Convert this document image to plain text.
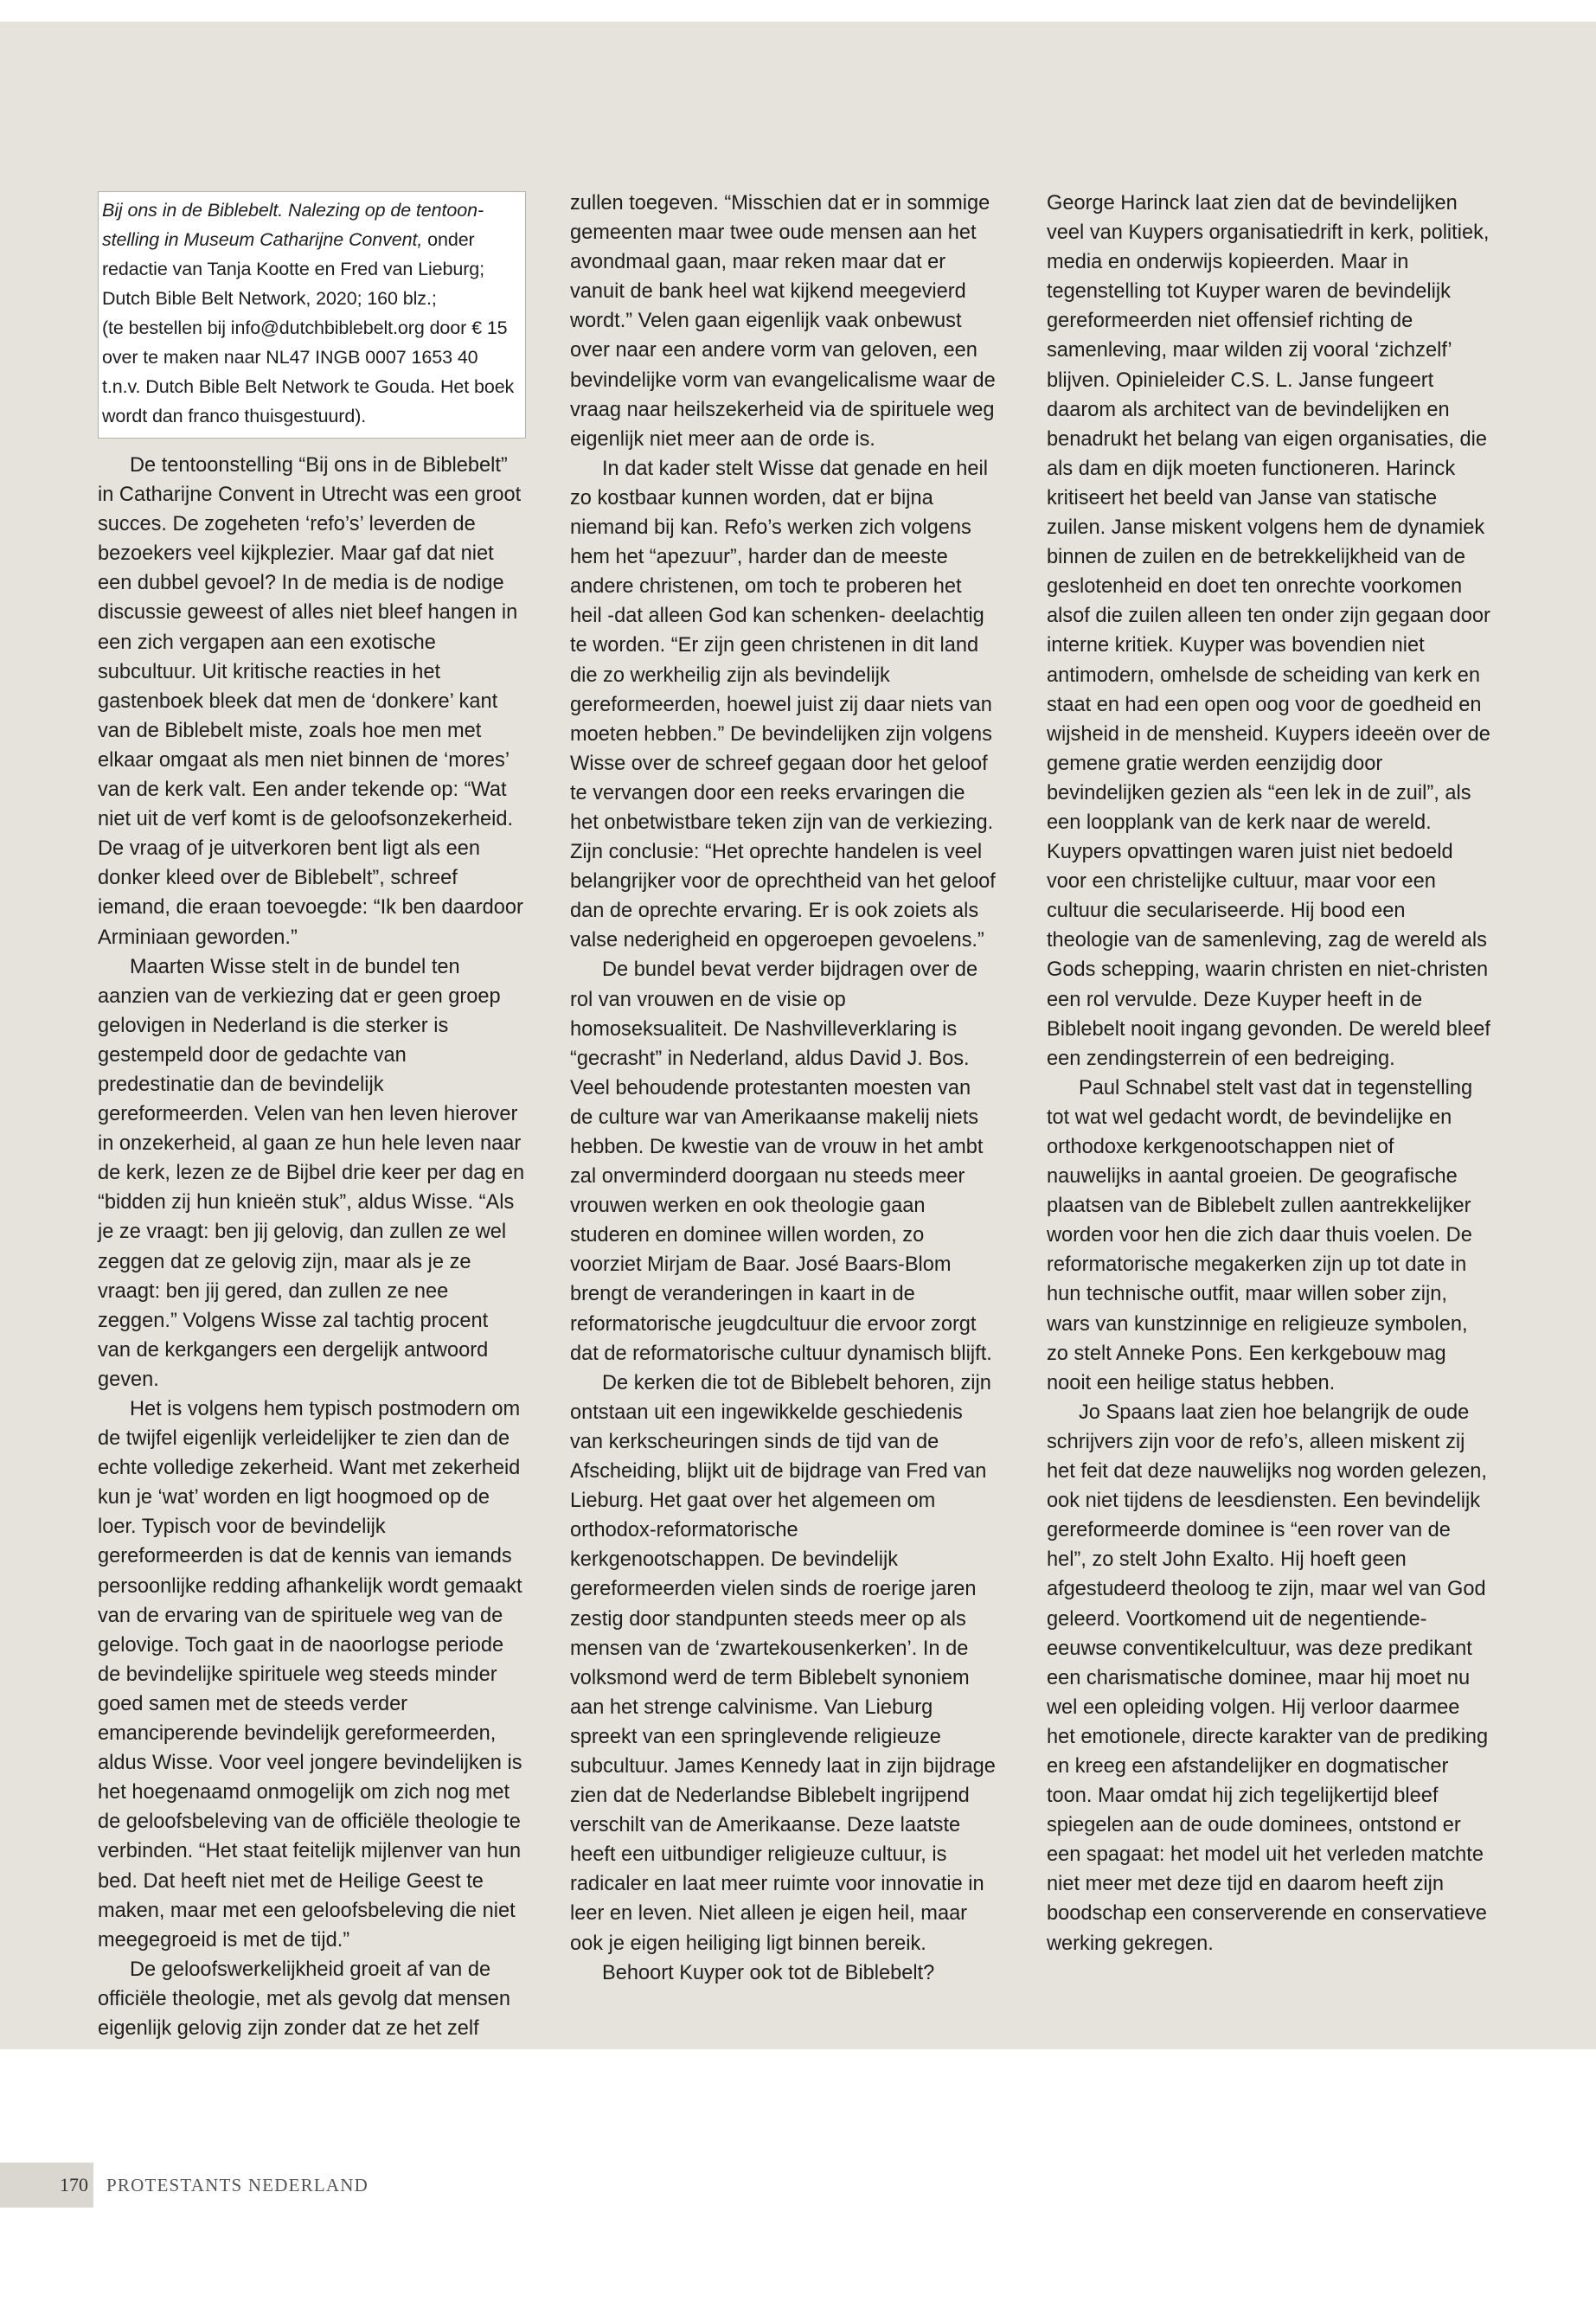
Bij ons in de Biblebelt. Nalezing op de tentoon-stelling in Museum Catharijne Convent, onder redactie van Tanja Kootte en Fred van Lieburg; Dutch Bible Belt Network, 2020; 160 blz.;

(te bestellen bij info@dutchbiblebelt.org door € 15 over te maken naar NL47 INGB 0007 1653 40 t.n.v. Dutch Bible Belt Network te Gouda. Het boek wordt dan franco thuisgestuurd).

De tentoonstelling “Bij ons in de Biblebelt” in Catharijne Convent in Utrecht was een groot succes. De zogeheten ‘refo’s’ leverden de bezoekers veel kijkplezier. Maar gaf dat niet een dubbel gevoel? In de media is de nodige discussie geweest of alles niet bleef hangen in een zich vergapen aan een exotische subcultuur. Uit kritische reacties in het gastenboek bleek dat men de ‘donkere’ kant van de Biblebelt miste, zoals hoe men met elkaar omgaat als men niet binnen de ‘mores’ van de kerk valt. Een ander tekende op: “Wat niet uit de verf komt is de geloofsonzekerheid. De vraag of je uitverkoren bent ligt als een donker kleed over de Biblebelt”, schreef iemand, die eraan toevoegde: “Ik ben daardoor Arminiaan geworden.”

Maarten Wisse stelt in de bundel ten aanzien van de verkiezing dat er geen groep gelovigen in Nederland is die sterker is gestempeld door de gedachte van predestinatie dan de bevindelijk gereformeerden. Velen van hen leven hierover in onzekerheid, al gaan ze hun hele leven naar de kerk, lezen ze de Bijbel drie keer per dag en “bidden zij hun knieën stuk”, aldus Wisse. “Als je ze vraagt: ben jij gelovig, dan zullen ze wel zeggen dat ze gelovig zijn, maar als je ze vraagt: ben jij gered, dan zullen ze nee zeggen.” Volgens Wisse zal tachtig procent van de kerkgangers een dergelijk antwoord geven.

Het is volgens hem typisch postmodern om de twijfel eigenlijk verleidelijker te zien dan de echte volledige zekerheid. Want met zekerheid kun je ‘wat’ worden en ligt hoogmoed op de loer. Typisch voor de bevindelijk gereformeerden is dat de kennis van iemands persoonlijke redding afhankelijk wordt gemaakt van de ervaring van de spirituele weg van de gelovige. Toch gaat in de naoorlogse periode de bevindelijke spirituele weg steeds minder goed samen met de steeds verder emanciperende bevindelijk gereformeerden, aldus Wisse. Voor veel jongere bevindelijken is het hoegenaamd onmogelijk om zich nog met de geloofsbeleving van de officiële theologie te verbinden. “Het staat feitelijk mijlenver van hun bed. Dat heeft niet met de Heilige Geest te maken, maar met een geloofsbeleving die niet meegegroeid is met de tijd.”

De geloofswerkelijkheid groeit af van de officiële theologie, met als gevolg dat mensen eigenlijk gelovig zijn zonder dat ze het zelf

zullen toegeven. “Misschien dat er in sommige gemeenten maar twee oude mensen aan het avondmaal gaan, maar reken maar dat er vanuit de bank heel wat kijkend meegevierd wordt.” Velen gaan eigenlijk vaak onbewust over naar een andere vorm van geloven, een bevindelijke vorm van evangelicalisme waar de vraag naar heilszekerheid via de spirituele weg eigenlijk niet meer aan de orde is.

In dat kader stelt Wisse dat genade en heil zo kostbaar kunnen worden, dat er bijna niemand bij kan. Refo’s werken zich volgens hem het “apezuur”, harder dan de meeste andere christenen, om toch te proberen het heil -dat alleen God kan schenken- deelachtig te worden. “Er zijn geen christenen in dit land die zo werkheilig zijn als bevindelijk gereformeerden, hoewel juist zij daar niets van moeten hebben.” De bevindelijken zijn volgens Wisse over de schreef gegaan door het geloof te vervangen door een reeks ervaringen die het onbetwistbare teken zijn van de verkiezing. Zijn conclusie: “Het oprechte handelen is veel belangrijker voor de oprechtheid van het geloof dan de oprechte ervaring. Er is ook zoiets als valse nederigheid en opgeroepen gevoelens.”

De bundel bevat verder bijdragen over de rol van vrouwen en de visie op homoseksualiteit. De Nashvilleverklaring is “gecrasht” in Nederland, aldus David J. Bos. Veel behoudende protestanten moesten van de culture war van Amerikaanse makelij niets hebben. De kwestie van de vrouw in het ambt zal onverminderd doorgaan nu steeds meer vrouwen werken en ook theologie gaan studeren en dominee willen worden, zo voorziet Mirjam de Baar. José Baars-Blom brengt de veranderingen in kaart in de reformatorische jeugdcultuur die ervoor zorgt dat de reformatorische cultuur dynamisch blijft.

De kerken die tot de Biblebelt behoren, zijn ontstaan uit een ingewikkelde geschiedenis van kerkscheuringen sinds de tijd van de Afscheiding, blijkt uit de bijdrage van Fred van Lieburg. Het gaat over het algemeen om orthodox-reformatorische kerkgenootschappen. De bevindelijk gereformeerden vielen sinds de roerige jaren zestig door standpunten steeds meer op als mensen van de ‘zwartekousenkerken’. In de volksmond werd de term Biblebelt synoniem aan het strenge calvinisme. Van Lieburg spreekt van een springlevende religieuze subcultuur. James Kennedy laat in zijn bijdrage zien dat de Nederlandse Biblebelt ingrijpend verschilt van de Amerikaanse. Deze laatste heeft een uitbundiger religieuze cultuur, is radicaler en laat meer ruimte voor innovatie in leer en leven. Niet alleen je eigen heil, maar ook je eigen heiliging ligt binnen bereik.

Behoort Kuyper ook tot de Biblebelt?

George Harinck laat zien dat de bevindelijken veel van Kuypers organisatiedrift in kerk, politiek, media en onderwijs kopieerden. Maar in tegenstelling tot Kuyper waren de bevindelijk gereformeerden niet offensief richting de samenleving, maar wilden zij vooral ‘zichzelf’ blijven. Opinieleider C.S. L. Janse fungeert daarom als architect van de bevindelijken en benadrukt het belang van eigen organisaties, die als dam en dijk moeten functioneren. Harinck kritiseert het beeld van Janse van statische zuilen. Janse miskent volgens hem de dynamiek binnen de zuilen en de betrekkelijkheid van de geslotenheid en doet ten onrechte voorkomen alsof die zuilen alleen ten onder zijn gegaan door interne kritiek. Kuyper was bovendien niet antimodern, omhelsde de scheiding van kerk en staat en had een open oog voor de goedheid en wijsheid in de mensheid. Kuypers ideeën over de gemene gratie werden eenzijdig door bevindelijken gezien als “een lek in de zuil”, als een loopplank van de kerk naar de wereld. Kuypers opvattingen waren juist niet bedoeld voor een christelijke cultuur, maar voor een cultuur die seculariseerde. Hij bood een theologie van de samenleving, zag de wereld als Gods schepping, waarin christen en niet-christen een rol vervulde. Deze Kuyper heeft in de Biblebelt nooit ingang gevonden. De wereld bleef een zendingsterrein of een bedreiging.

Paul Schnabel stelt vast dat in tegenstelling tot wat wel gedacht wordt, de bevindelijke en orthodoxe kerkgenootschappen niet of nauwelijks in aantal groeien. De geografische plaatsen van de Biblebelt zullen aantrekkelijker worden voor hen die zich daar thuis voelen. De reformatorische megakerken zijn up tot date in hun technische outfit, maar willen sober zijn, wars van kunstzinnige en religieuze symbolen, zo stelt Anneke Pons. Een kerkgebouw mag nooit een heilige status hebben.

Jo Spaans laat zien hoe belangrijk de oude schrijvers zijn voor de refo’s, alleen miskent zij het feit dat deze nauwelijks nog worden gelezen, ook niet tijdens de leesdiensten. Een bevindelijk gereformeerde dominee is “een rover van de hel”, zo stelt John Exalto. Hij hoeft geen afgestudeerd theoloog te zijn, maar wel van God geleerd. Voortkomend uit de negentiende-eeuwse conventikelcultuur, was deze predikant een charismatische dominee, maar hij moet nu wel een opleiding volgen. Hij verloor daarmee het emotionele, directe karakter van de prediking en kreeg een afstandelijker en dogmatischer toon. Maar omdat hij zich tegelijkertijd bleef spiegelen aan de oude dominees, ontstond er een spagaat: het model uit het verleden matchte niet meer met deze tijd en daarom heeft zijn boodschap een conserverende en conservatieve werking gekregen.

170 PROTESTANTS NEDERLAND
